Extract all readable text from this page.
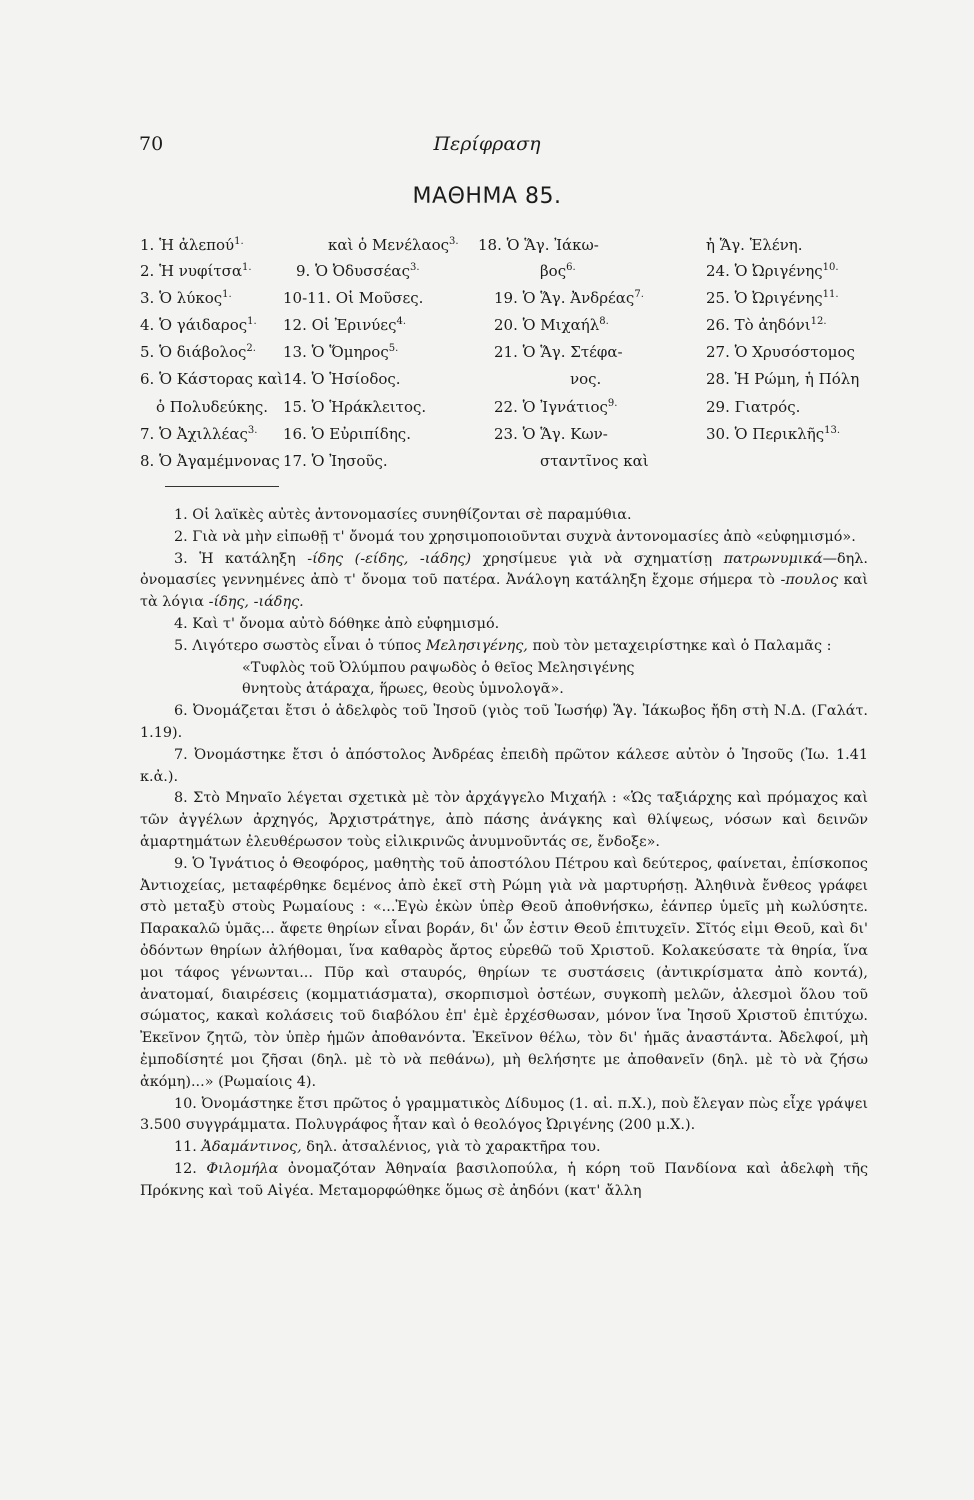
70	Περίφραση
ΜΑΘΗΜΑ 85.
1. Ἡ ἀλεπού$^{1.}$
2. Ἡ νυφίτσα$^{1.}$
3. Ὁ λύκος$^{1.}$
4. Ὁ γάιδαρος$^{1.}$
5. Ὁ διάβολος$^{2.}$
6. Ὁ Κάστορας καὶ
ὁ Πολυδεύκης.
7. Ὁ Ἀχιλλέας$^{3.}$
8. Ὁ Ἀγαμέμνονας
καὶ ὁ Μενέλαος$^{3.}$
9. Ὁ Ὀδυσσέας$^{3.}$
10-11. Οἱ Μοῦσες.
12. Οἱ Ἐρινύες$^{4.}$
13. Ὁ Ὅμηρος$^{5.}$
14. Ὁ Ἡσίοδος.
15. Ὁ Ἡράκλειτος.
16. Ὁ Εὐριπίδης.
17. Ὁ Ἰησοῦς.
18. Ὁ Ἅγ. Ἰάκω-
βος$^{6.}$
19. Ὁ Ἅγ. Ἀνδρέας$^{7.}$
20. Ὁ Μιχαήλ$^{8.}$
21. Ὁ Ἅγ. Στέφα-
νος.
22. Ὁ Ἰγνάτιος$^{9.}$
23. Ὁ Ἅγ. Κων-
σταντῖνος καὶ
ἡ Ἅγ. Ἑλένη.
24. Ὁ Ὠριγένης$^{10.}$
25. Ὁ Ὠριγένης$^{11.}$
26. Τὸ ἀηδόνι$^{12.}$
27. Ὁ Χρυσόστομος
28. Ἡ Ρώμη, ἡ Πόλη
29. Γιατρός.
30. Ὁ Περικλῆς$^{13.}$

1. Οἱ λαϊκὲς αὐτὲς ἀντονομασίες συνηθίζονται σὲ παραμύθια.

2. Γιὰ νὰ μὴν εἰπωθῇ τ' ὄνομά του χρησιμοποιοῦνται συχνὰ ἀντονομασίες ἀπὸ «εὐφημισμό».

3. Ἡ κατάληξη -ίδης (-είδης, -ιάδης) χρησίμευε γιὰ νὰ σχηματίσῃ πατρωνυμικά—δηλ. ὀνομασίες γεννημένες ἀπὸ τ' ὄνομα τοῦ πατέρα. Ἀνάλογη κατάληξη ἔχομε σήμερα τὸ -πουλος καὶ τὰ λόγια -ίδης, -ιάδης.

4. Καὶ τ' ὄνομα αὐτὸ δόθηκε ἀπὸ εὐφημισμό.

5. Λιγότερο σωστὸς εἶναι ὁ τύπος Μελησιγένης, ποὺ τὸν μεταχειρίστηκε καὶ ὁ Παλαμᾶς :

«Τυφλὸς τοῦ Ὀλύμπου ραψωδὸς ὁ θεῖος Μελησιγένης
θνητοὺς ἀτάραχα, ἥρωες, θεοὺς ὑμνολογᾶ».

6. Ὀνομάζεται ἔτσι ὁ ἀδελφὸς τοῦ Ἰησοῦ (γιὸς τοῦ Ἰωσήφ) Ἅγ. Ἰάκωβος ἤδη στὴ Ν.Δ. (Γαλάτ. 1.19).

7. Ὀνομάστηκε ἔτσι ὁ ἀπόστολος Ἀνδρέας ἐπειδὴ πρῶτον κάλεσε αὐτὸν ὁ Ἰησοῦς (Ἰω. 1.41 κ.ἀ.).

8. Στὸ Μηναῖο λέγεται σχετικὰ μὲ τὸν ἀρχάγγελο Μιχαήλ : «Ὡς ταξιάρχης καὶ πρόμαχος καὶ τῶν ἀγγέλων ἀρχηγός, Ἀρχιστράτηγε, ἀπὸ πάσης ἀνάγκης καὶ θλίψεως, νόσων καὶ δεινῶν ἁμαρτημάτων ἐλευθέρωσον τοὺς εἰλικρινῶς ἀνυμνοῦντάς σε, ἔνδοξε».

9. Ὁ Ἰγνάτιος ὁ Θεοφόρος, μαθητὴς τοῦ ἀποστόλου Πέτρου καὶ δεύτερος, φαίνεται, ἐπίσκοπος Ἀντιοχείας, μεταφέρθηκε δεμένος ἀπὸ ἐκεῖ στὴ Ρώμη γιὰ νὰ μαρτυρήσῃ. Ἀληθινὰ ἔνθεος γράφει στὸ μεταξὺ στοὺς Ρωμαίους : «...Ἐγὼ ἑκὼν ὑπὲρ Θεοῦ ἀποθνήσκω, ἐάνπερ ὑμεῖς μὴ κωλύσητε. Παρακαλῶ ὑμᾶς... ἄφετε θηρίων εἶναι βοράν, δι' ὧν ἐστιν Θεοῦ ἐπιτυχεῖν. Σῖτός εἰμι Θεοῦ, καὶ δι' ὀδόντων θηρίων ἀλήθομαι, ἵνα καθαρὸς ἄρτος εὑρεθῶ τοῦ Χριστοῦ. Κολακεύσατε τὰ θηρία, ἵνα μοι τάφος γένωνται... Πῦρ καὶ σταυρός, θηρίων τε συστάσεις (ἀντικρίσματα ἀπὸ κοντά), ἀνατομαί, διαιρέσεις (κομματιάσματα), σκορπισμοὶ ὀστέων, συγκοπὴ μελῶν, ἀλεσμοὶ ὅλου τοῦ σώματος, κακαὶ κολάσεις τοῦ διαβόλου ἐπ' ἐμὲ ἐρχέσθωσαν, μόνον ἵνα Ἰησοῦ Χριστοῦ ἐπιτύχω. Ἐκεῖνον ζητῶ, τὸν ὑπὲρ ἡμῶν ἀποθανόντα. Ἐκεῖνον θέλω, τὸν δι' ἡμᾶς ἀναστάντα. Ἀδελφοί, μὴ ἐμποδίσητέ μοι ζῆσαι (δηλ. μὲ τὸ νὰ πεθάνω), μὴ θελήσητε με ἀποθανεῖν (δηλ. μὲ τὸ νὰ ζήσω ἀκόμη)...» (Ρωμαίοις 4).

10. Ὀνομάστηκε ἔτσι πρῶτος ὁ γραμματικὸς Δίδυμος (1. αἰ. π.Χ.), ποὺ ἔλεγαν πὼς εἶχε γράψει 3.500 συγγράμματα. Πολυγράφος ἦταν καὶ ὁ θεολόγος Ὠριγένης (200 μ.Χ.).

11. Ἀδαμάντινος, δηλ. ἀτσαλένιος, γιὰ τὸ χαρακτῆρα του.

12. Φιλομήλα ὀνομαζόταν Ἀθηναία βασιλοπούλα, ἡ κόρη τοῦ Πανδίονα καὶ ἀδελφὴ τῆς Πρόκνης καὶ τοῦ Αἰγέα. Μεταμορφώθηκε ὅμως σὲ ἀηδόνι (κατ' ἄλλη
